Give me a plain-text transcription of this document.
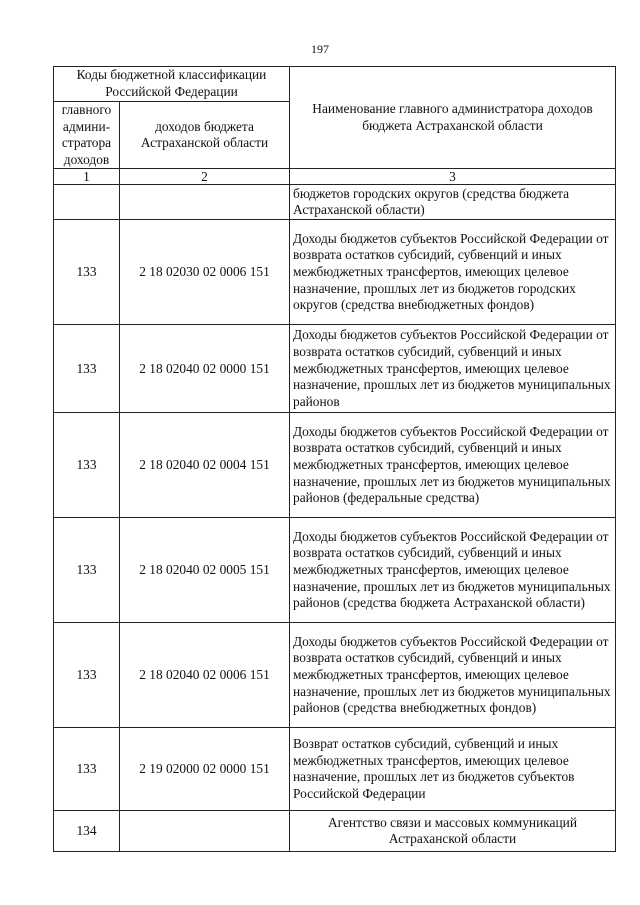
197
Коды бюджетной классификации Российской Федерации		Наименование главного администратора доходов бюджета Астраханской области
главного админи-стратора доходов	доходов бюджета Астраханской области	
1	2	3
		бюджетов городских округов (средства бюджета Астраханской области)
133	2 18 02030 02 0006 151	Доходы бюджетов субъектов Российской Федерации от возврата остатков субсидий, субвенций и иных межбюджетных трансфертов, имеющих целевое назначение, прошлых лет из бюджетов городских округов (средства внебюджетных фондов)
133	2 18 02040 02 0000 151	Доходы бюджетов субъектов Российской Федерации от возврата остатков субсидий, субвенций и иных межбюджетных трансфертов, имеющих целевое назначение, прошлых лет из бюджетов муниципальных районов
133	2 18 02040 02 0004 151	Доходы бюджетов субъектов Российской Федерации от возврата остатков субсидий, субвенций и иных межбюджетных трансфертов, имеющих целевое назначение, прошлых лет из бюджетов муниципальных районов (федеральные средства)
133	2 18 02040 02 0005 151	Доходы бюджетов субъектов Российской Федерации от возврата остатков субсидий, субвенций и иных межбюджетных трансфертов, имеющих целевое назначение, прошлых лет из бюджетов муниципальных районов (средства бюджета Астраханской области)
133	2 18 02040 02 0006 151	Доходы бюджетов субъектов Российской Федерации от возврата остатков субсидий, субвенций и иных межбюджетных трансфертов, имеющих целевое назначение, прошлых лет из бюджетов муниципальных районов (средства внебюджетных фондов)
133	2 19 02000 02 0000 151	Возврат остатков субсидий, субвенций и иных межбюджетных трансфертов, имеющих целевое назначение, прошлых лет из бюджетов субъектов Российской Федерации
134		Агентство связи и массовых коммуникаций Астраханской области
